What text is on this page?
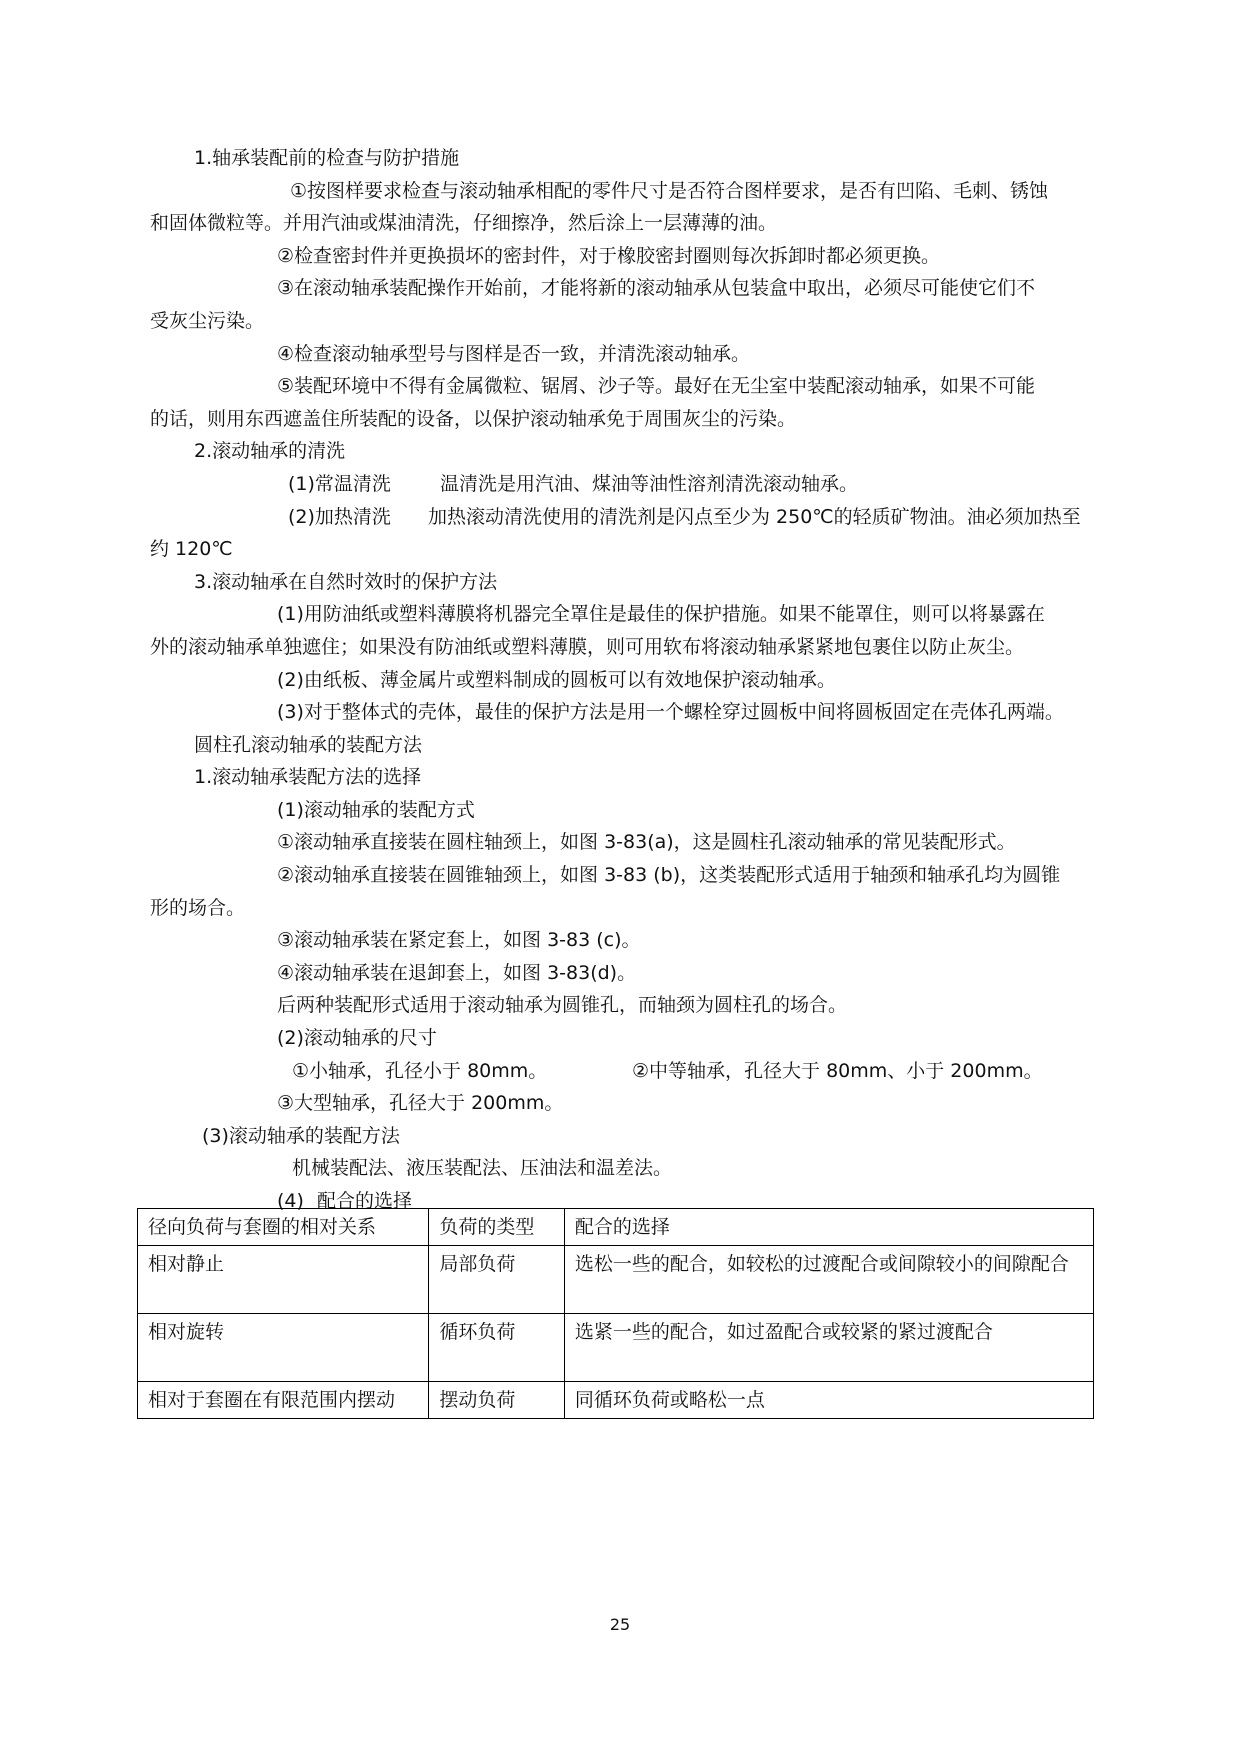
1.轴承装配前的检查与防护措施
①按图样要求检查与滚动轴承相配的零件尺寸是否符合图样要求，是否有凹陷、毛刺、锈蚀
和固体微粒等。并用汽油或煤油清洗，仔细擦净，然后涂上一层薄薄的油。
②检查密封件并更换损坏的密封件，对于橡胶密封圈则每次拆卸时都必须更换。
③在滚动轴承装配操作开始前，才能将新的滚动轴承从包装盒中取出，必须尽可能使它们不
受灰尘污染。
④检查滚动轴承型号与图样是否一致，并清洗滚动轴承。
⑤装配环境中不得有金属微粒、锯屑、沙子等。最好在无尘室中装配滚动轴承，如果不可能
的话，则用东西遮盖住所装配的设备，以保护滚动轴承免于周围灰尘的污染。
2.滚动轴承的清洗
(1)常温清洗	温清洗是用汽油、煤油等油性溶剂清洗滚动轴承。
(2)加热清洗 加热滚动清洗使用的清洗剂是闪点至少为 250℃的轻质矿物油。油必须加热至
约 120℃
3.滚动轴承在自然时效时的保护方法
(1)用防油纸或塑料薄膜将机器完全罩住是最佳的保护措施。如果不能罩住，则可以将暴露在
外的滚动轴承单独遮住；如果没有防油纸或塑料薄膜，则可用软布将滚动轴承紧紧地包裹住以防止灰尘。
(2)由纸板、薄金属片或塑料制成的圆板可以有效地保护滚动轴承。
(3)对于整体式的壳体，最佳的保护方法是用一个螺栓穿过圆板中间将圆板固定在壳体孔两端。
圆柱孔滚动轴承的装配方法
1.滚动轴承装配方法的选择
(1)滚动轴承的装配方式
①滚动轴承直接装在圆柱轴颈上，如图 3-83(a)，这是圆柱孔滚动轴承的常见装配形式。
②滚动轴承直接装在圆锥轴颈上，如图 3-83 (b)，这类装配形式适用于轴颈和轴承孔均为圆锥
形的场合。
③滚动轴承装在紧定套上，如图 3-83 (c)。
④滚动轴承装在退卸套上，如图 3-83(d)。
后两种装配形式适用于滚动轴承为圆锥孔，而轴颈为圆柱孔的场合。
(2)滚动轴承的尺寸
①小轴承，孔径小于 80mm。	②中等轴承，孔径大于 80mm、小于 200mm。
③大型轴承，孔径大于 200mm。
(3)滚动轴承的装配方法
机械装配法、液压装配法、压油法和温差法。
(4) 配合的选择
径向负荷与套圈的相对关系	负荷的类型	配合的选择
相对静止	局部负荷	选松一些的配合，如较松的过渡配合或间隙较小的间隙配合
相对旋转	循环负荷	选紧一些的配合，如过盈配合或较紧的紧过渡配合
相对于套圈在有限范围内摆动	摆动负荷	同循环负荷或略松一点
25
